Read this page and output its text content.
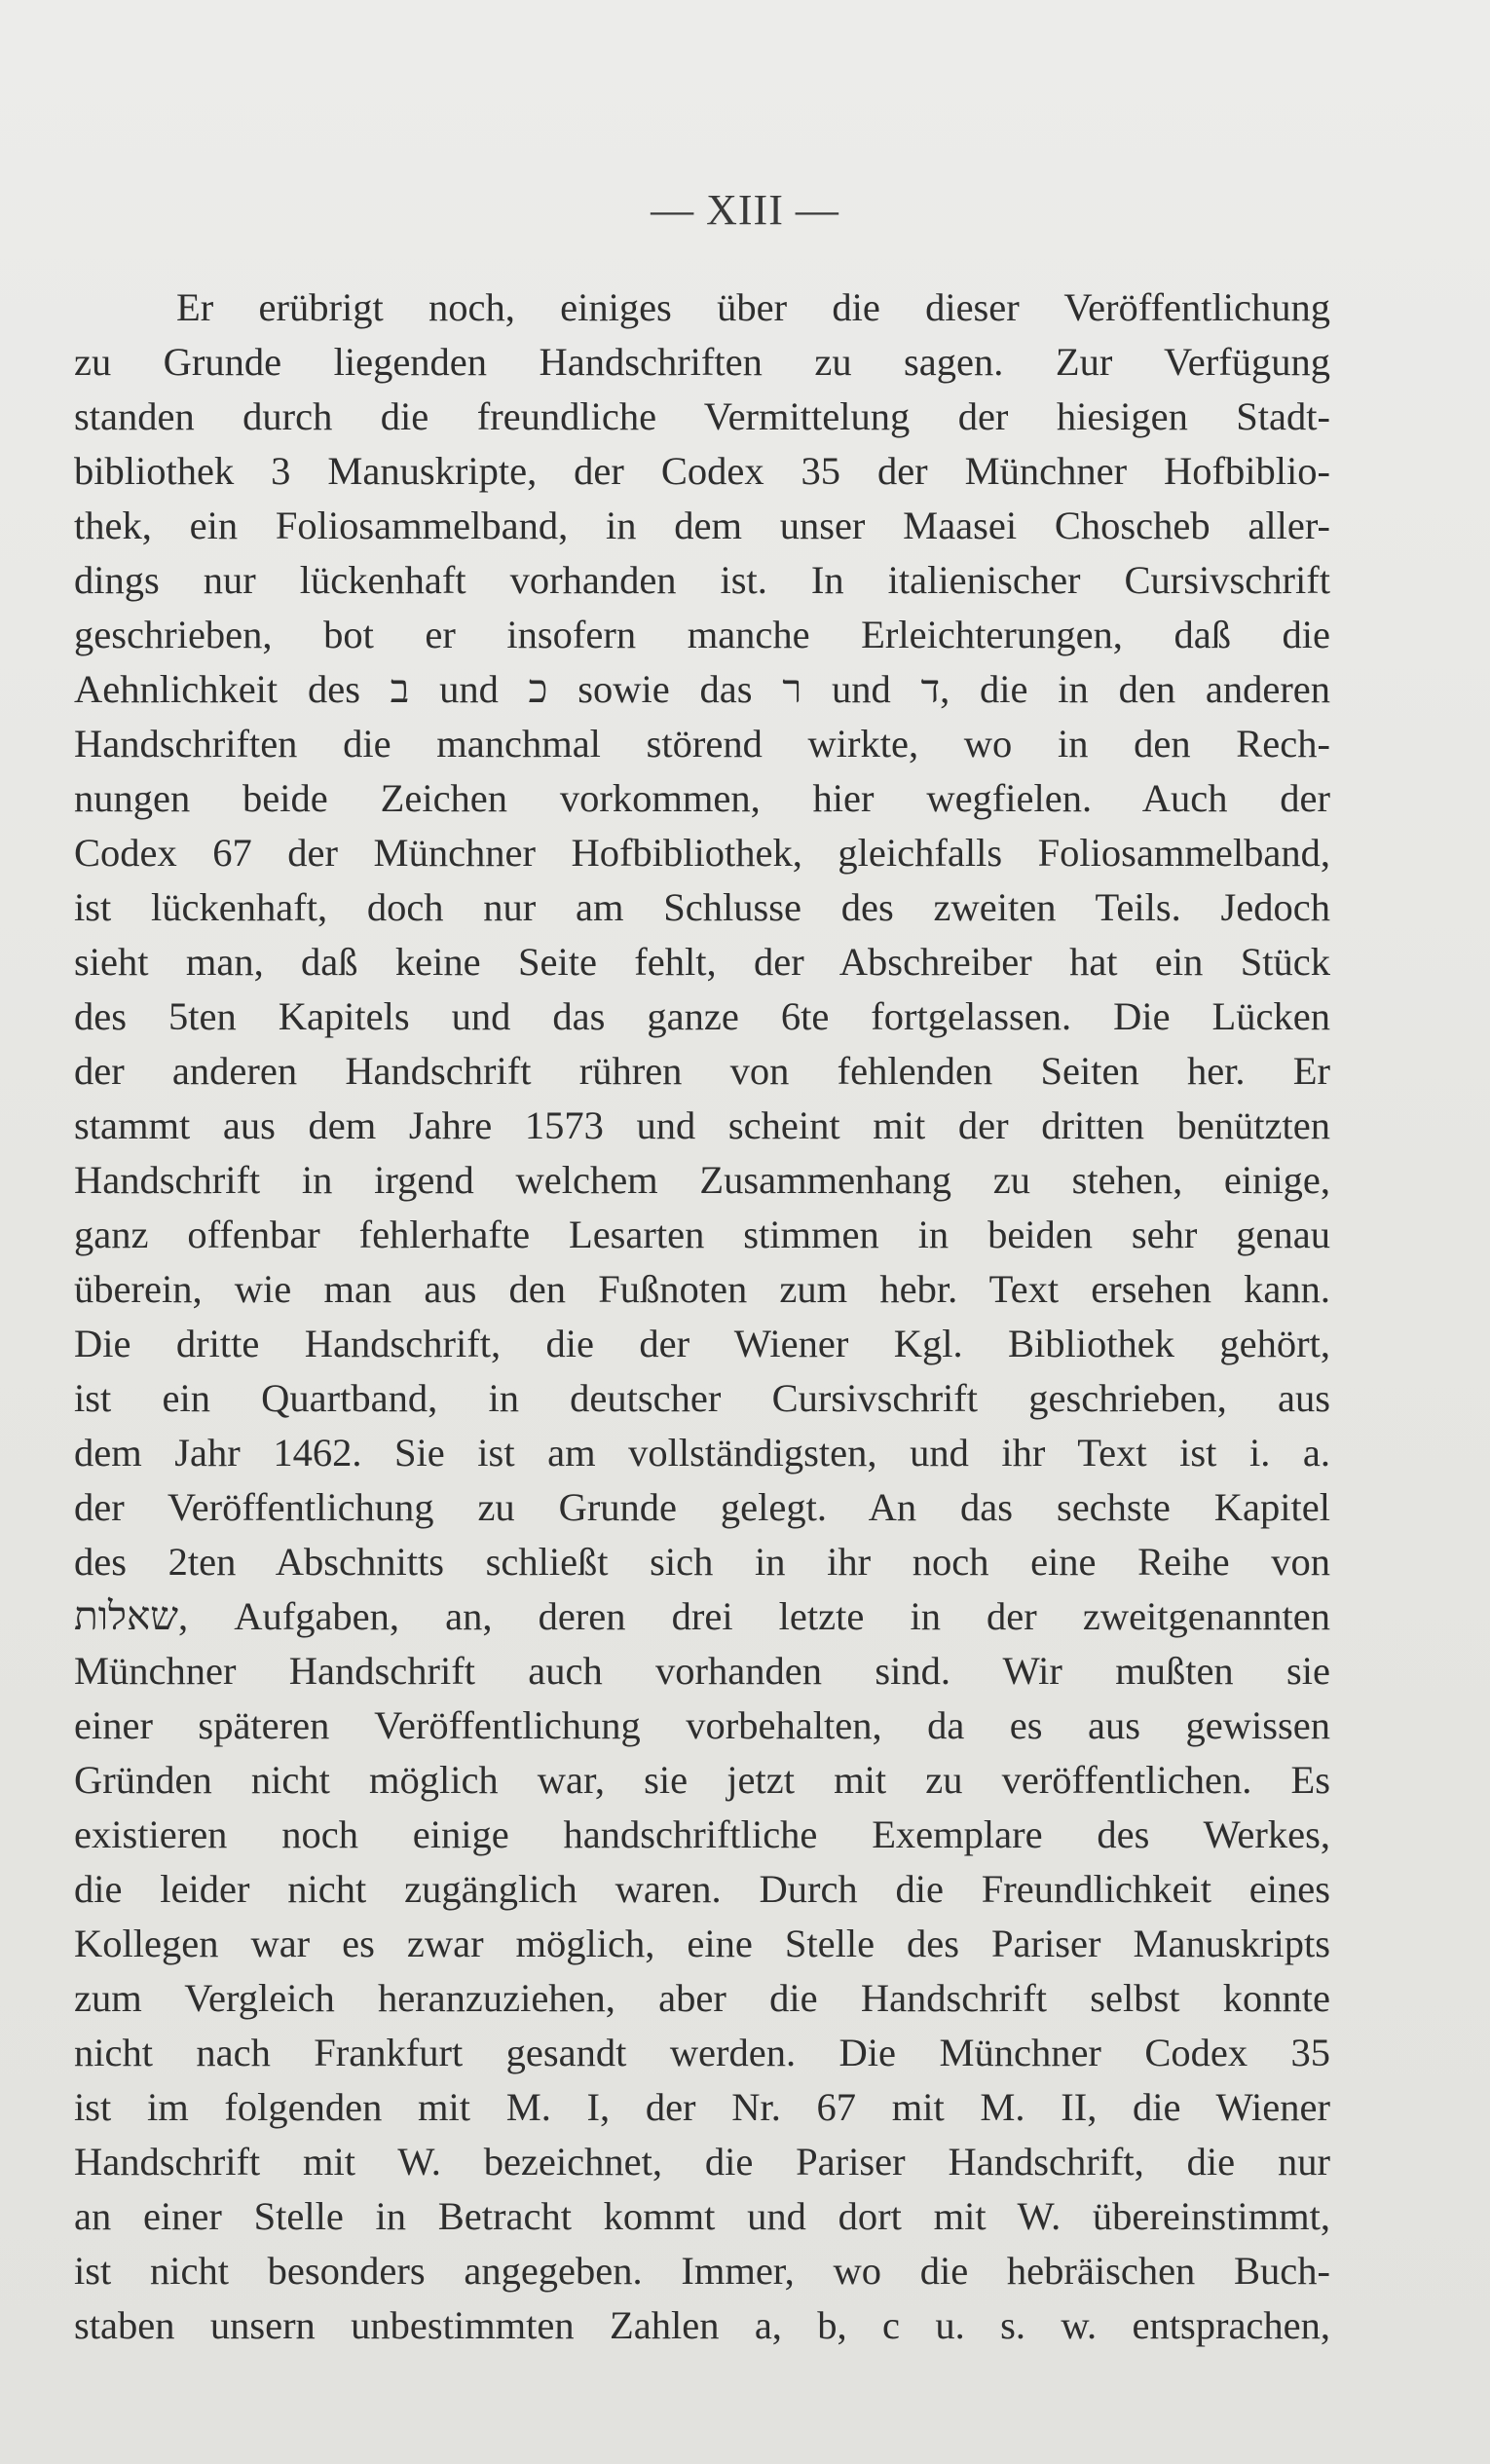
— XIII —
Er erübrigt noch, einiges über die dieser Veröffentlichung
zu Grunde liegenden Handschriften zu sagen. Zur Verfügung
standen durch die freundliche Vermittelung der hiesigen Stadt-
bibliothek 3 Manuskripte, der Codex 35 der Münchner Hofbiblio-
thek, ein Foliosammelband, in dem unser Maasei Choscheb aller-
dings nur lückenhaft vorhanden ist. In italienischer Cursivschrift
geschrieben, bot er insofern manche Erleichterungen, daß die
Aehnlichkeit des ב und כ sowie das ר und ד, die in den anderen
Handschriften die manchmal störend wirkte, wo in den Rech-
nungen beide Zeichen vorkommen, hier wegfielen. Auch der
Codex 67 der Münchner Hofbibliothek, gleichfalls Foliosammelband,
ist lückenhaft, doch nur am Schlusse des zweiten Teils. Jedoch
sieht man, daß keine Seite fehlt, der Abschreiber hat ein Stück
des 5ten Kapitels und das ganze 6te fortgelassen. Die Lücken
der anderen Handschrift rühren von fehlenden Seiten her. Er
stammt aus dem Jahre 1573 und scheint mit der dritten benützten
Handschrift in irgend welchem Zusammenhang zu stehen, einige,
ganz offenbar fehlerhafte Lesarten stimmen in beiden sehr genau
überein, wie man aus den Fußnoten zum hebr. Text ersehen kann.
Die dritte Handschrift, die der Wiener Kgl. Bibliothek gehört,
ist ein Quartband, in deutscher Cursivschrift geschrieben, aus
dem Jahr 1462. Sie ist am vollständigsten, und ihr Text ist i. a.
der Veröffentlichung zu Grunde gelegt. An das sechste Kapitel
des 2ten Abschnitts schließt sich in ihr noch eine Reihe von
שאלות, Aufgaben, an, deren drei letzte in der zweitgenannten
Münchner Handschrift auch vorhanden sind. Wir mußten sie
einer späteren Veröffentlichung vorbehalten, da es aus gewissen
Gründen nicht möglich war, sie jetzt mit zu veröffentlichen. Es
existieren noch einige handschriftliche Exemplare des Werkes,
die leider nicht zugänglich waren. Durch die Freundlichkeit eines
Kollegen war es zwar möglich, eine Stelle des Pariser Manuskripts
zum Vergleich heranzuziehen, aber die Handschrift selbst konnte
nicht nach Frankfurt gesandt werden. Die Münchner Codex 35
ist im folgenden mit M. I, der Nr. 67 mit M. II, die Wiener
Handschrift mit W. bezeichnet, die Pariser Handschrift, die nur
an einer Stelle in Betracht kommt und dort mit W. übereinstimmt,
ist nicht besonders angegeben. Immer, wo die hebräischen Buch-
staben unsern unbestimmten Zahlen a, b, c u. s. w. entsprachen,
